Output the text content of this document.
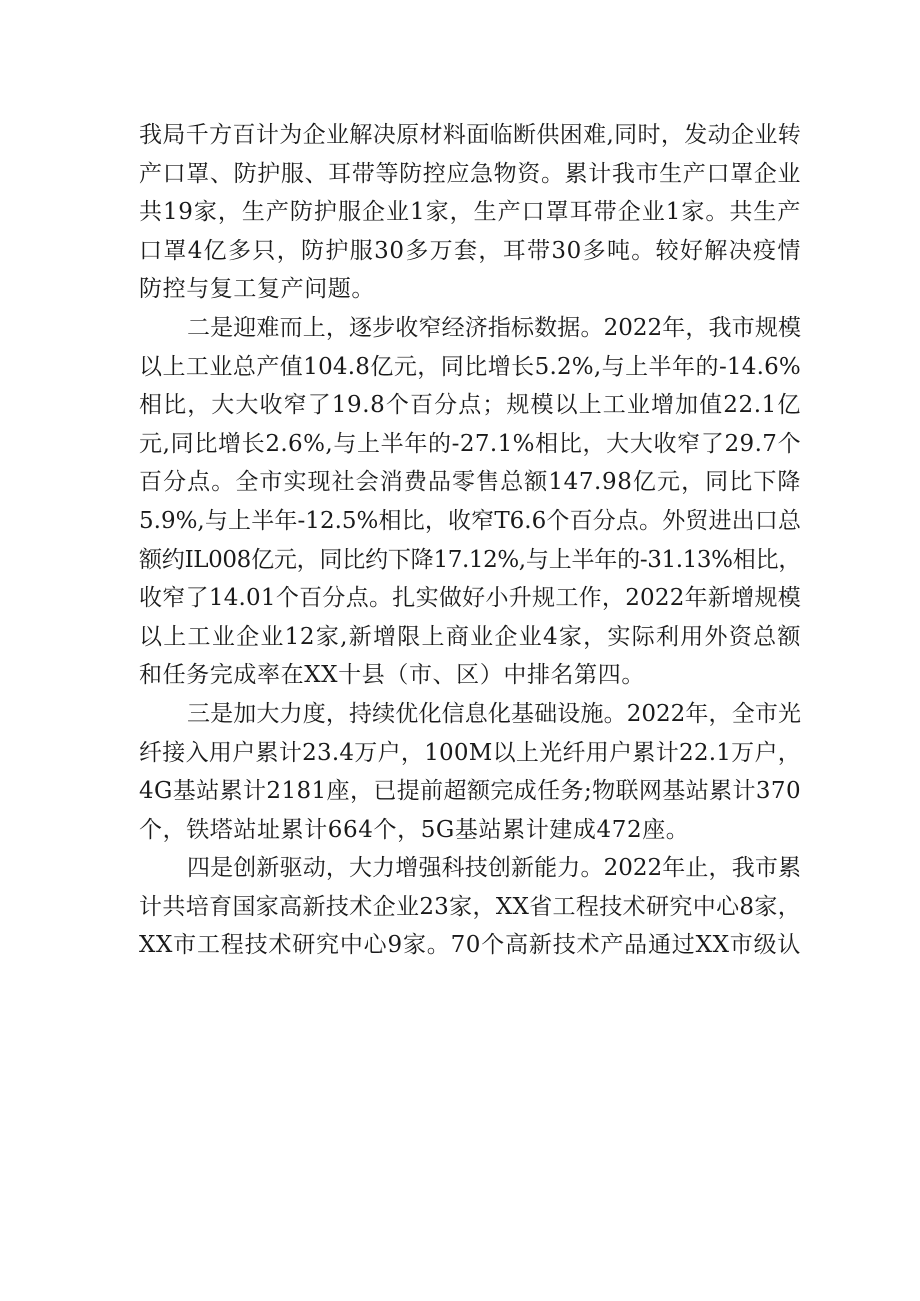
我局千方百计为企业解决原材料面临断供困难,同时，发动企业转
产口罩、防护服、耳带等防控应急物资。累计我市生产口罩企业
共19家，生产防护服企业1家，生产口罩耳带企业1家。共生产
口罩4亿多只，防护服30多万套，耳带30多吨。较好解决疫情
防控与复工复产问题。
二是迎难而上，逐步收窄经济指标数据。2022年，我市规模
以上工业总产值104.8亿元，同比增长5.2%,与上半年的-14.6%
相比，大大收窄了19.8个百分点；规模以上工业增加值22.1亿
元,同比增长2.6%,与上半年的-27.1%相比，大大收窄了29.7个
百分点。全市实现社会消费品零售总额147.98亿元，同比下降
5.9%,与上半年-12.5%相比，收窄T6.6个百分点。外贸进出口总
额约IL008亿元，同比约下降17.12%,与上半年的-31.13%相比，
收窄了14.01个百分点。扎实做好小升规工作，2022年新增规模
以上工业企业12家,新增限上商业企业4家，实际利用外资总额
和任务完成率在XX十县（市、区）中排名第四。
三是加大力度，持续优化信息化基础设施。2022年，全市光
纤接入用户累计23.4万户，100M以上光纤用户累计22.1万户，
4G基站累计2181座，已提前超额完成任务;物联网基站累计370
个，铁塔站址累计664个，5G基站累计建成472座。
四是创新驱动，大力增强科技创新能力。2022年止，我市累
计共培育国家高新技术企业23家，XX省工程技术研究中心8家，
XX市工程技术研究中心9家。70个高新技术产品通过XX市级认
